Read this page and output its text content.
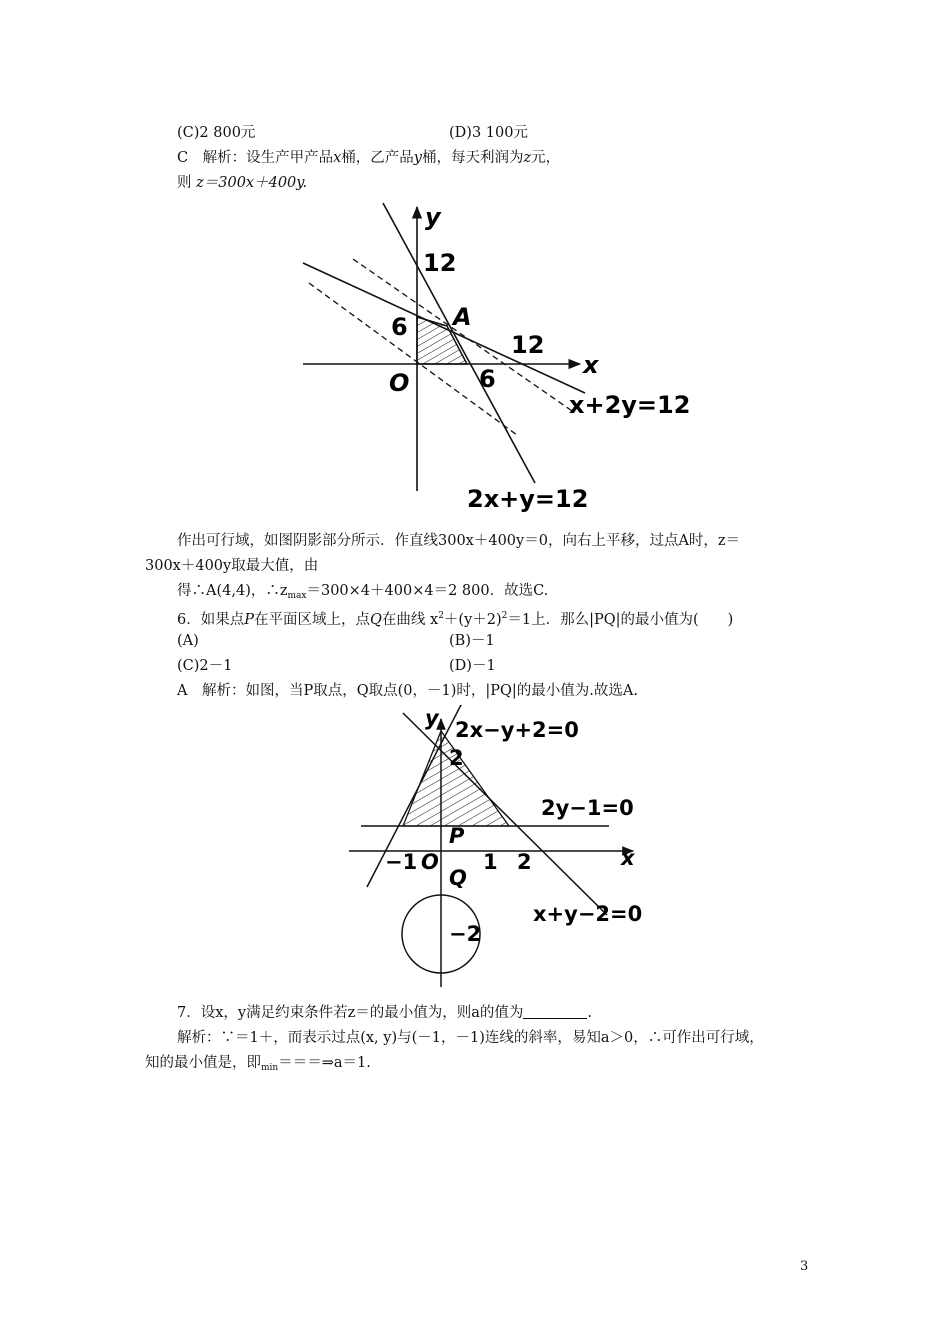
(C)2 800元	(D)3 100元
C　解析：设生产甲产品x桶，乙产品y桶，每天利润为z元，
则 z＝300x＋400y.
y
12
6 A
12
x
O	6
x+2y=12
2x+y=12
作出可行域，如图阴影部分所示．作直线300x＋400y＝0，向右上平移，过点A时，z＝
300x＋400y取最大值，由
得∴A(4,4)，$\therefore z_{max}=300\times 4+400\times 4=2$ 800．故选C.
6．如果点P在平面区域上，点Q在曲线 $x^2+(y+2)^2=1$上．那么|PQ|的最小值为(　　)
(A)	(B)－1
(C)2－1	(D)－1
A　解析：如图，当P取点，Q取点(0，－1)时，|PQ|的最小值为.故选A.
y 2x−y+2=0
2
2y−1=0
P
−1 O 1 2	x
Q
x+y−2=0
−2
7．设x，y满足约束条件若z＝的最小值为，则a的值为	.
解析：∵＝1＋，而表示过点(x, y)与(－1，－1)连线的斜率，易知a＞0，∴可作出可行域，
知的最小值是，即$_{min}$＝＝＝⇒a＝1.
3
